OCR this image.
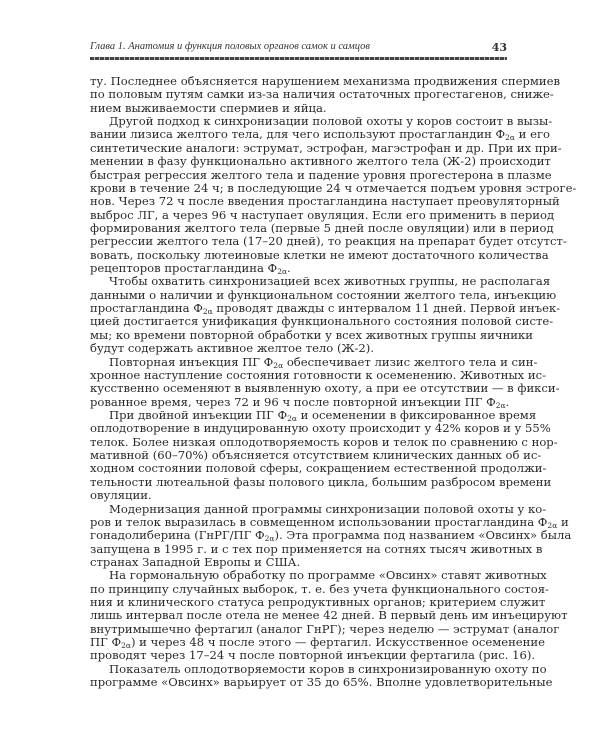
Глава 1. Анатомия и функция половых органов самок и самцов	43
ту. Последнее объясняется нарушением механизма продвижения спермиев
по половым путям самки из-за наличия остаточных прогестагенов, сниже-
нием выживаемости спермиев и яйца.
Другой подход к синхронизации половой охоты у коров состоит в вызы-
вании лизиса желтого тела, для чего используют простагландин $Ф_{2\alpha}$ и его
синтетические аналоги: эструмат, эстрофан, магэстрофан и др. При их при-
менении в фазу функционально активного желтого тела (Ж-2) происходит
быстрая регрессия желтого тела и падение уровня прогестерона в плазме
крови в течение 24 ч; в последующие 24 ч отмечается подъем уровня эстроге-
нов. Через 72 ч после введения простагландина наступает преовуляторный
выброс ЛГ, а через 96 ч наступает овуляция. Если его применить в период
формирования желтого тела (первые 5 дней после овуляции) или в период
регрессии желтого тела (17–20 дней), то реакция на препарат будет отсутст-
вовать, поскольку лютеиновые клетки не имеют достаточного количества
рецепторов простагландина $Ф_{2\alpha}$.
Чтобы охватить синхронизацией всех животных группы, не располагая
данными о наличии и функциональном состоянии желтого тела, инъекцию
простагландина $Ф_{2\alpha}$ проводят дважды с интервалом 11 дней. Первой инъек-
цией достигается унификация функционального состояния половой систе-
мы; ко времени повторной обработки у всех животных группы яичники
будут содержать активное желтое тело (Ж-2).
Повторная инъекция ПГ $Ф_{2\alpha}$ обеспечивает лизис желтого тела и син-
хронное наступление состояния готовности к осеменению. Животных ис-
кусственно осеменяют в выявленную охоту, а при ее отсутствии — в фикси-
рованное время, через 72 и 96 ч после повторной инъекции ПГ $Ф_{2\alpha}$.
При двойной инъекции ПГ $Ф_{2\alpha}$ и осеменении в фиксированное время
оплодотворение в индуцированную охоту происходит у 42% коров и у 55%
телок. Более низкая оплодотворяемость коров и телок по сравнению с нор-
мативной (60–70%) объясняется отсутствием клинических данных об ис-
ходном состоянии половой сферы, сокращением естественной продолжи-
тельности лютеальной фазы полового цикла, большим разбросом времени
овуляции.
Модернизация данной программы синхронизации половой охоты у ко-
ров и телок выразилась в совмещенном использовании простагландина $Ф_{2\alpha}$ и
гонадолиберина (ГнРГ/ПГ $Ф_{2\alpha}$). Эта программа под названием «Овсинх» была
запущена в 1995 г. и с тех пор применяется на сотнях тысяч животных в
странах Западной Европы и США.
На гормональную обработку по программе «Овсинх» ставят животных
по принципу случайных выборок, т. е. без учета функционального состоя-
ния и клинического статуса репродуктивных органов; критерием служит
лишь интервал после отела не менее 42 дней. В первый день им инъецируют
внутримышечно фертагил (аналог ГнРГ); через неделю — эструмат (аналог
ПГ $Ф_{2\alpha}$) и через 48 ч после этого — фертагил. Искусственное осеменение
проводят через 17–24 ч после повторной инъекции фертагила (рис. 16).
Показатель оплодотворяемости коров в синхронизированную охоту по
программе «Овсинх» варьирует от 35 до 65%. Вполне удовлетворительные
